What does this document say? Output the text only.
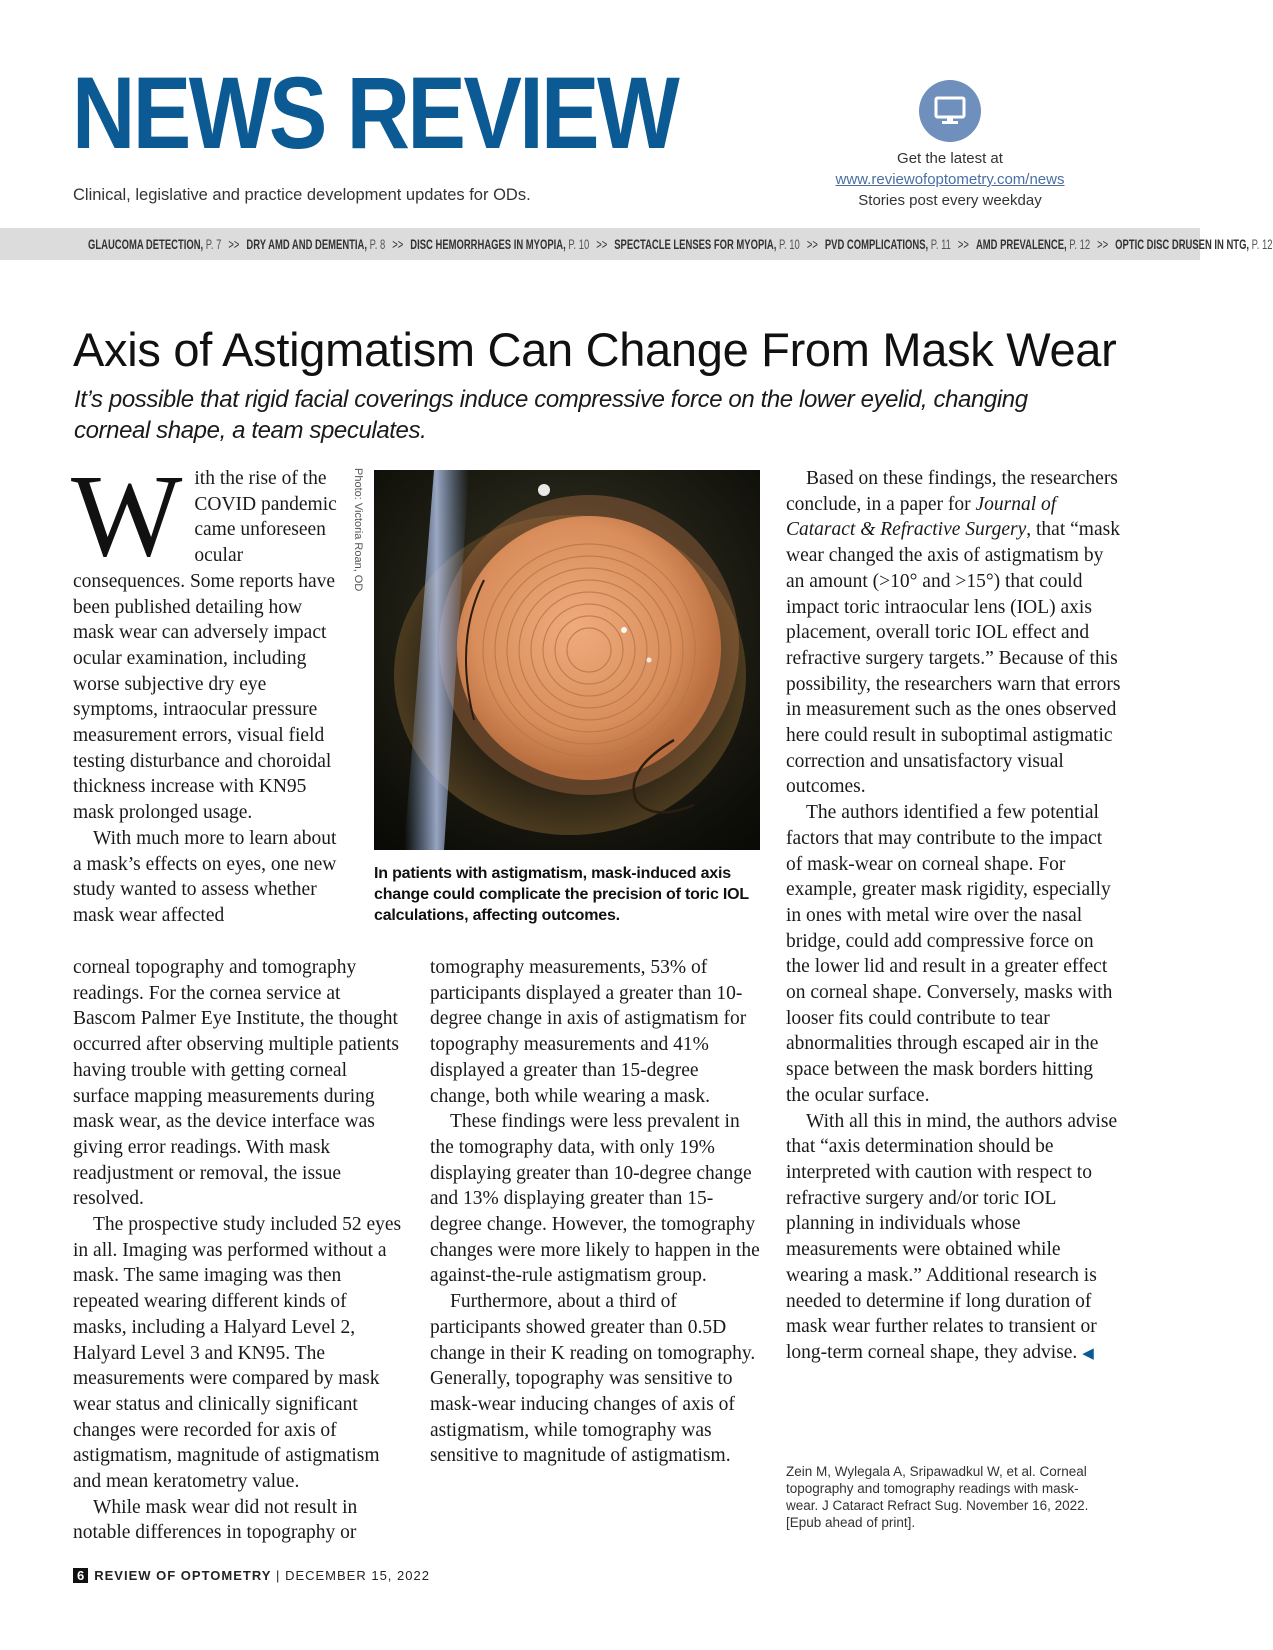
NEWS REVIEW
Clinical, legislative and practice development updates for ODs.
Get the latest at
www.reviewofoptometry.com/news
Stories post every weekday
GLAUCOMA DETECTION, P. 7 >> DRY AMD AND DEMENTIA, P. 8 >> DISC HEMORRHAGES IN MYOPIA, P. 10 >> SPECTACLE LENSES FOR MYOPIA, P. 10 >> PVD COMPLICATIONS, P. 11 >> AMD PREVALENCE, P. 12 >> OPTIC DISC DRUSEN IN NTG, P. 12
Axis of Astigmatism Can Change From Mask Wear

It’s possible that rigid facial coverings induce compressive force on the lower eyelid, changing corneal shape, a team speculates.

With the rise of the COVID pandemic came unforeseen ocular consequences. Some reports have been published detailing how mask wear can adversely impact ocular examination, including worse subjective dry eye symptoms, intraocular pressure measurement errors, visual field testing disturbance and choroidal thickness increase with KN95 mask prolonged usage.

With much more to learn about a mask’s effects on eyes, one new study wanted to assess whether mask wear affected

Photo: Victoria Roan, OD
In patients with astigmatism, mask-induced axis change could complicate the precision of toric IOL calculations, affecting outcomes.

corneal topography and tomography readings. For the cornea service at Bascom Palmer Eye Institute, the thought occurred after observing multiple patients having trouble with getting corneal surface mapping measurements during mask wear, as the device interface was giving error readings. With mask readjustment or removal, the issue resolved.

The prospective study included 52 eyes in all. Imaging was performed without a mask. The same imaging was then repeated wearing different kinds of masks, including a Halyard Level 2, Halyard Level 3 and KN95. The measurements were compared by mask wear status and clinically significant changes were recorded for axis of astigmatism, magnitude of astigmatism and mean keratometry value.

While mask wear did not result in notable differences in topography or

tomography measurements, 53% of participants displayed a greater than 10-degree change in axis of astigmatism for topography measurements and 41% displayed a greater than 15-degree change, both while wearing a mask.

These findings were less prevalent in the tomography data, with only 19% displaying greater than 10-degree change and 13% displaying greater than 15-degree change. However, the tomography changes were more likely to happen in the against-the-rule astigmatism group.

Furthermore, about a third of participants showed greater than 0.5D change in their K reading on tomography. Generally, topography was sensitive to mask-wear inducing changes of axis of astigmatism, while tomography was sensitive to magnitude of astigmatism.

Based on these findings, the researchers conclude, in a paper for Journal of Cataract & Refractive Surgery, that “mask wear changed the axis of astigmatism by an amount (>10° and >15°) that could impact toric intraocular lens (IOL) axis placement, overall toric IOL effect and refractive surgery targets.” Because of this possibility, the researchers warn that errors in measurement such as the ones observed here could result in suboptimal astigmatic correction and unsatisfactory visual outcomes.

The authors identified a few potential factors that may contribute to the impact of mask-wear on corneal shape. For example, greater mask rigidity, especially in ones with metal wire over the nasal bridge, could add compressive force on the lower lid and result in a greater effect on corneal shape. Conversely, masks with looser fits could contribute to tear abnormalities through escaped air in the space between the mask borders hitting the ocular surface.

With all this in mind, the authors advise that “axis determination should be interpreted with caution with respect to refractive surgery and/or toric IOL planning in individuals whose measurements were obtained while wearing a mask.” Additional research is needed to determine if long duration of mask wear further relates to transient or long-term corneal shape, they advise. ◀

Zein M, Wylegala A, Sripawadkul W, et al. Corneal topography and tomography readings with mask-wear. J Cataract Refract Sug. November 16, 2022. [Epub ahead of print].
6 REVIEW OF OPTOMETRY | DECEMBER 15, 2022
